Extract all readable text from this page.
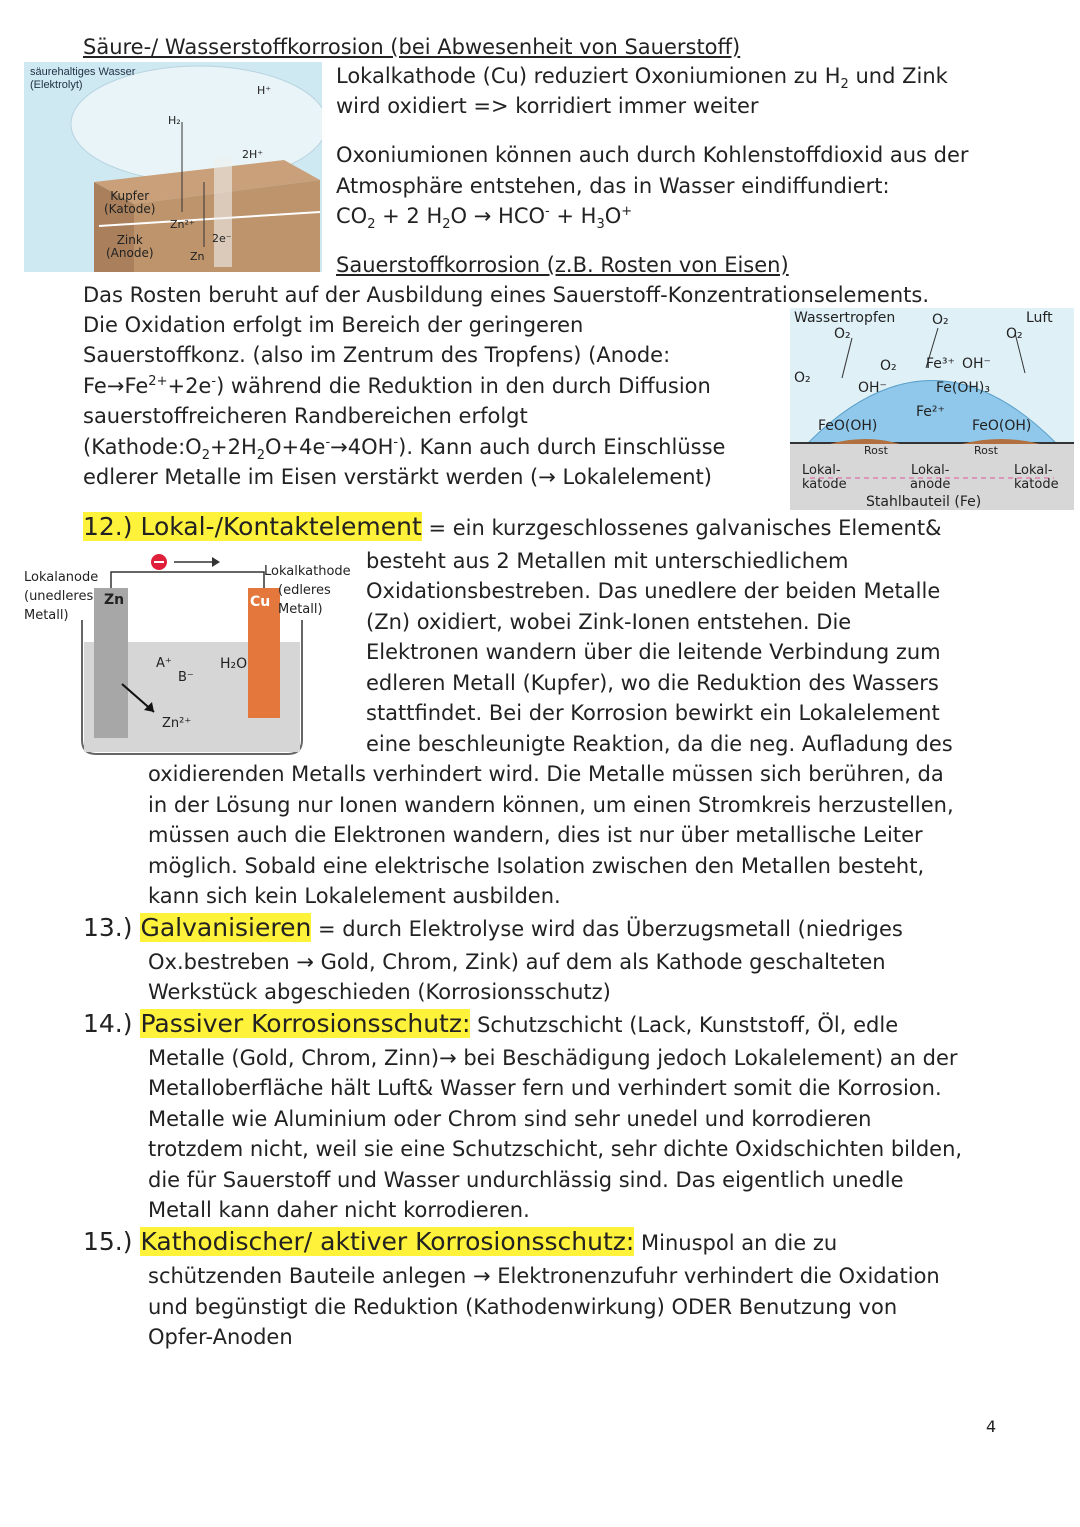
Säure-/ Wasserstoffkorrosion (bei Abwesenheit von Sauerstoff)
säurehaltiges Wasser
(Elektrolyt)	H⁺
H₂
2H⁺
Kupfer
(Katode)
Zn²⁺
Zink
(Anode)
2e⁻
Zn
Lokalkathode (Cu) reduziert Oxoniumionen zu $H_2$ und Zink
wird oxidiert => korridiert immer weiter
Oxoniumionen können auch durch Kohlenstoffdioxid aus der
Atmosphäre entstehen, das in Wasser eindiffundiert:
$CO_2 + 2$ $H_2O \to HCO^- + H_3O^+$
Sauerstoffkorrosion (z.B. Rosten von Eisen)
Das Rosten beruht auf der Ausbildung eines Sauerstoff-Konzentrationselements.
Die Oxidation erfolgt im Bereich der geringeren
Sauerstoffkonz. (also im Zentrum des Tropfens) (Anode:
$Fe\to Fe^{2+}+2e^-$) während die Reduktion in den durch Diffusion
sauerstoffreicheren Randbereichen erfolgt
$(Kathode:O_2+2H_2O+4e^-\to 4OH^-)$. Kann auch durch Einschlüsse
edlerer Metalle im Eisen verstärkt werden (→ Lokalelement)
Wassertropfen	Luft
O₂
O₂	O₂
O₂
O₂ Fe³⁺ OH⁻
OH⁻	Fe(OH)₃
Fe²⁺
FeO(OH)	FeO(OH)
Rost	Rost
Lokal-
katode
Lokal-
anode
Lokal-
katode
Stahlbauteil (Fe)
12.) Lokal-/Kontaktelement = ein kurzgeschlossenes galvanisches Element&
Lokalanode
(unedleres
Metall)
Zn
Lokalkathode
(edleres
Metall)
Cu
A⁺
B⁻
H₂O
Zn²⁺
besteht aus 2 Metallen mit unterschiedlichem
Oxidationsbestreben. Das unedlere der beiden Metalle
(Zn) oxidiert, wobei Zink-Ionen entstehen. Die
Elektronen wandern über die leitende Verbindung zum
edleren Metall (Kupfer), wo die Reduktion des Wassers
stattfindet. Bei der Korrosion bewirkt ein Lokalelement
eine beschleunigte Reaktion, da die neg. Aufladung des
oxidierenden Metalls verhindert wird. Die Metalle müssen sich berühren, da
in der Lösung nur Ionen wandern können, um einen Stromkreis herzustellen,
müssen auch die Elektronen wandern, dies ist nur über metallische Leiter
möglich. Sobald eine elektrische Isolation zwischen den Metallen besteht,
kann sich kein Lokalelement ausbilden.
13.) Galvanisieren = durch Elektrolyse wird das Überzugsmetall (niedriges
Ox.bestreben → Gold, Chrom, Zink) auf dem als Kathode geschalteten
Werkstück abgeschieden (Korrosionsschutz)
14.) Passiver Korrosionsschutz: Schutzschicht (Lack, Kunststoff, Öl, edle
Metalle (Gold, Chrom, Zinn)→ bei Beschädigung jedoch Lokalelement) an der
Metalloberfläche hält Luft& Wasser fern und verhindert somit die Korrosion.
Metalle wie Aluminium oder Chrom sind sehr unedel und korrodieren
trotzdem nicht, weil sie eine Schutzschicht, sehr dichte Oxidschichten bilden,
die für Sauerstoff und Wasser undurchlässig sind. Das eigentlich unedle
Metall kann daher nicht korrodieren.
15.) Kathodischer/ aktiver Korrosionsschutz: Minuspol an die zu
schützenden Bauteile anlegen → Elektronenzufuhr verhindert die Oxidation
und begünstigt die Reduktion (Kathodenwirkung) ODER Benutzung von
Opfer-Anoden
4
